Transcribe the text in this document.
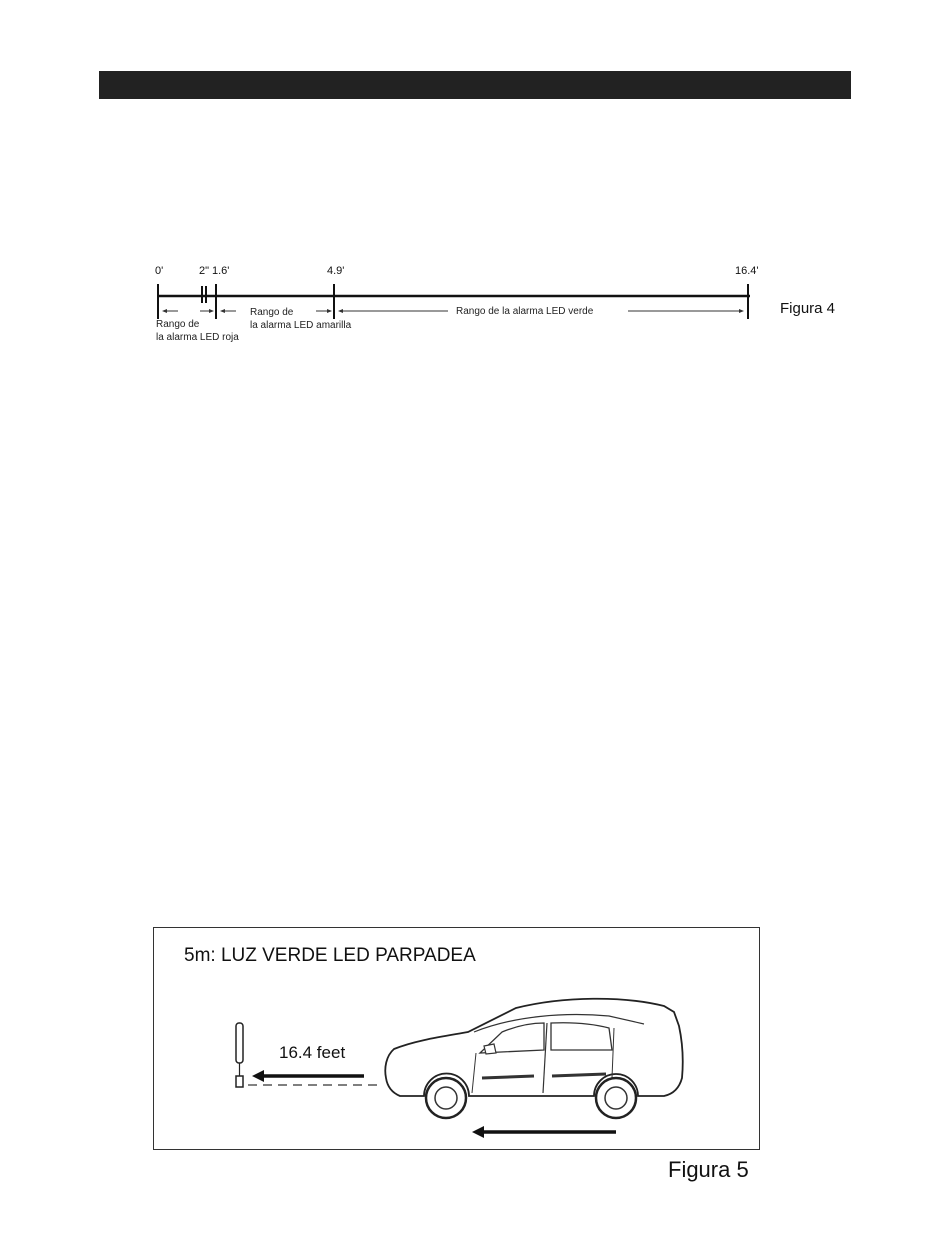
0'	2" 1.6'	4.9'	16.4'
Rango de
la alarma LED roja
Rango de
la alarma LED amarilla
Rango de la alarma LED verde	Figura 4
5m: LUZ VERDE LED PARPADEA
16.4 feet
Figura 5
